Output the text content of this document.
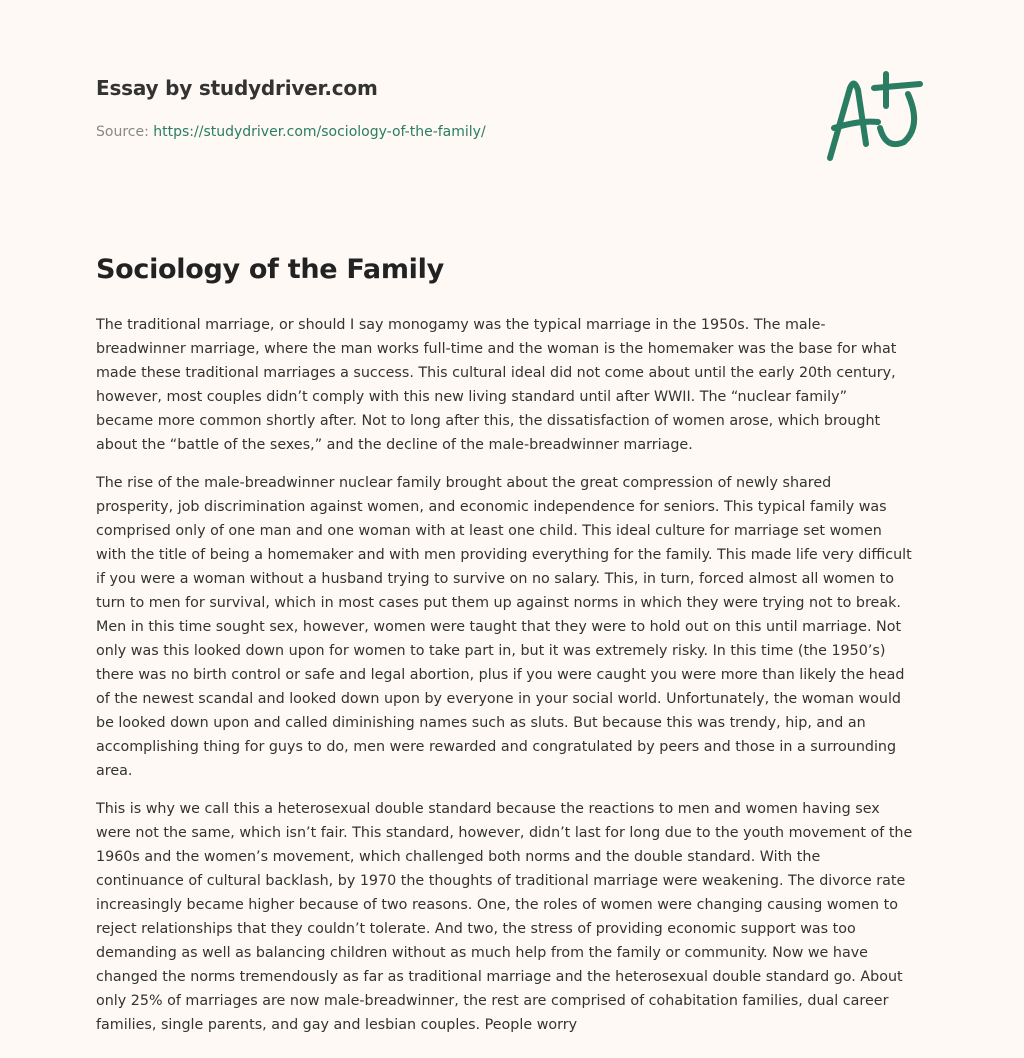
Essay by studydriver.com
Source: https://studydriver.com/sociology-of-the-family/
Sociology of the Family

The traditional marriage, or should I say monogamy was the typical marriage in the 1950s. The male-
breadwinner marriage, where the man works full-time and the woman is the homemaker was the base for what
made these traditional marriages a success. This cultural ideal did not come about until the early 20th century,
however, most couples didn’t comply with this new living standard until after WWII. The “nuclear family”
became more common shortly after. Not to long after this, the dissatisfaction of women arose, which brought
about the “battle of the sexes,” and the decline of the male-breadwinner marriage.

The rise of the male-breadwinner nuclear family brought about the great compression of newly shared
prosperity, job discrimination against women, and economic independence for seniors. This typical family was
comprised only of one man and one woman with at least one child. This ideal culture for marriage set women
with the title of being a homemaker and with men providing everything for the family. This made life very difficult
if you were a woman without a husband trying to survive on no salary. This, in turn, forced almost all women to
turn to men for survival, which in most cases put them up against norms in which they were trying not to break.
Men in this time sought sex, however, women were taught that they were to hold out on this until marriage. Not
only was this looked down upon for women to take part in, but it was extremely risky. In this time (the 1950’s)
there was no birth control or safe and legal abortion, plus if you were caught you were more than likely the head
of the newest scandal and looked down upon by everyone in your social world. Unfortunately, the woman would
be looked down upon and called diminishing names such as sluts. But because this was trendy, hip, and an
accomplishing thing for guys to do, men were rewarded and congratulated by peers and those in a surrounding
area.

This is why we call this a heterosexual double standard because the reactions to men and women having sex
were not the same, which isn’t fair. This standard, however, didn’t last for long due to the youth movement of the
1960s and the women’s movement, which challenged both norms and the double standard. With the
continuance of cultural backlash, by 1970 the thoughts of traditional marriage were weakening. The divorce rate
increasingly became higher because of two reasons. One, the roles of women were changing causing women to
reject relationships that they couldn’t tolerate. And two, the stress of providing economic support was too
demanding as well as balancing children without as much help from the family or community. Now we have
changed the norms tremendously as far as traditional marriage and the heterosexual double standard go. About
only 25% of marriages are now male-breadwinner, the rest are comprised of cohabitation families, dual career
families, single parents, and gay and lesbian couples. People worry
